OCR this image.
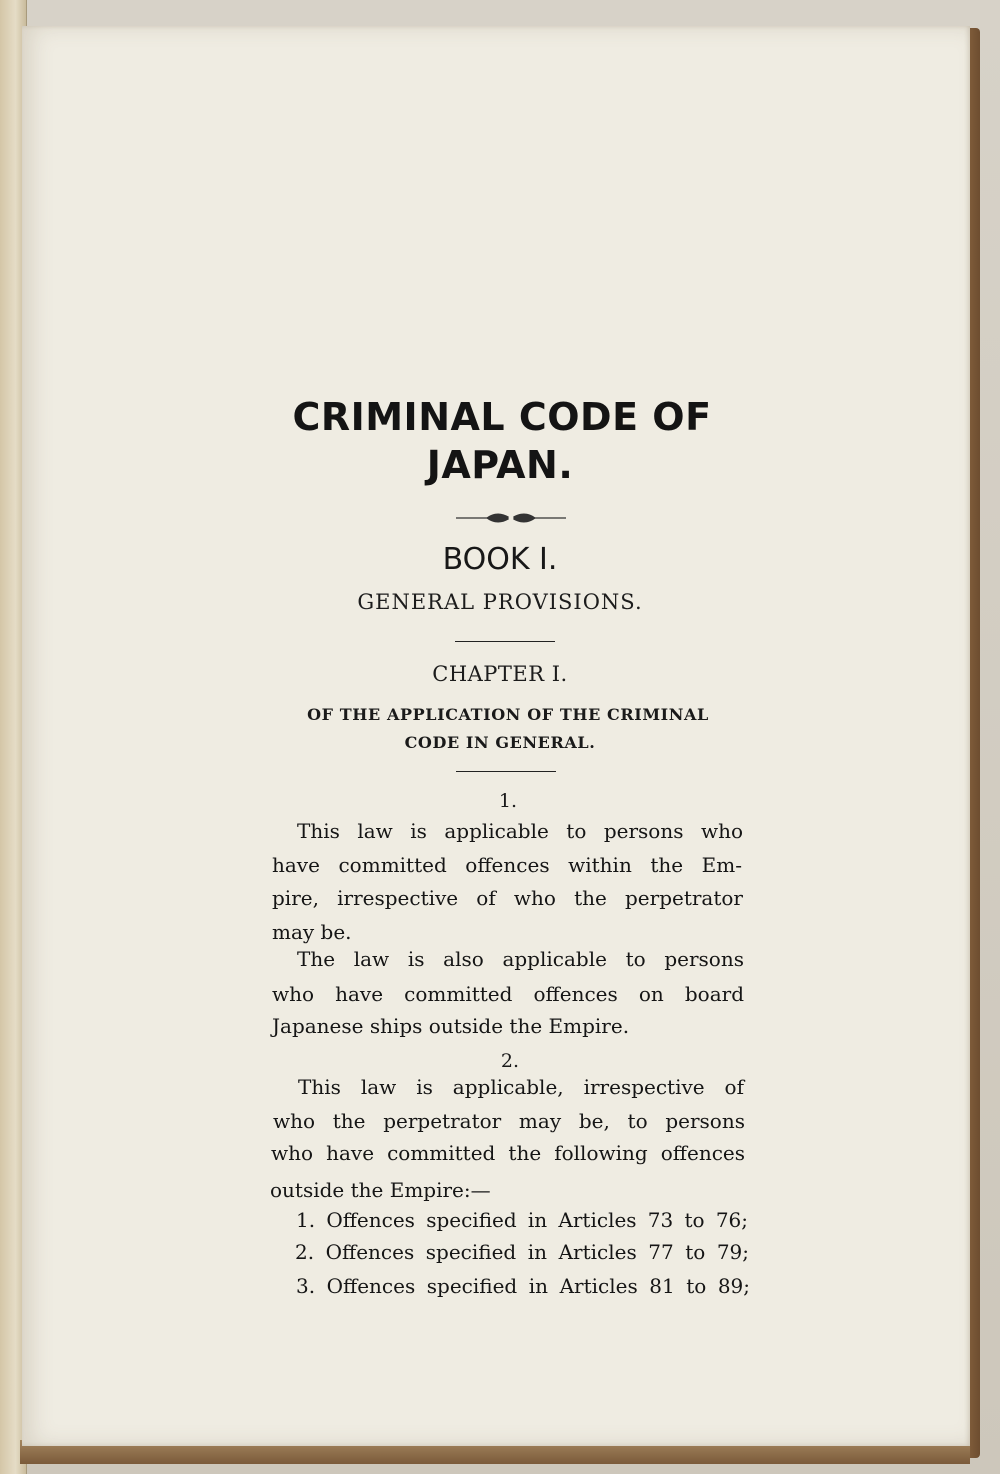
CRIMINAL CODE OF
JAPAN.
BOOK I.
GENERAL PROVISIONS.
CHAPTER I.
OF THE APPLICATION OF THE CRIMINAL
CODE IN GENERAL.
1.
This law is applicable to persons who
have committed offences within the Em-
pire, irrespective of who the perpetrator
may be.
The law is also applicable to persons
who have committed offences on board
Japanese ships outside the Empire.
2.
This law is applicable, irrespective of
who the perpetrator may be, to persons
who have committed the following offences
outside the Empire:—
1. Offences specified in Articles 73 to 76;
2. Offences specified in Articles 77 to 79;
3. Offences specified in Articles 81 to 89;
